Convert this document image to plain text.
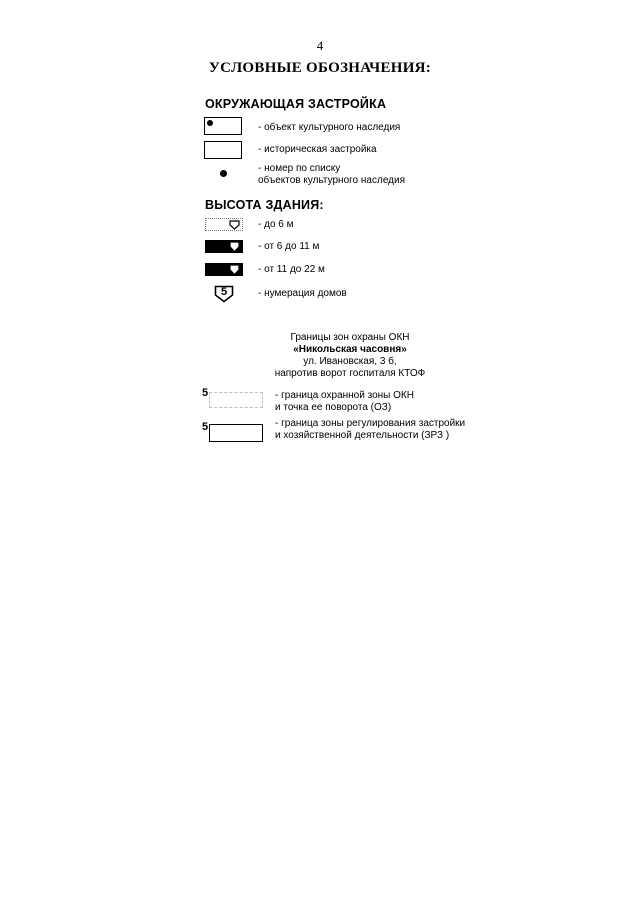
4
УСЛОВНЫЕ ОБОЗНАЧЕНИЯ:
ОКРУЖАЮЩАЯ ЗАСТРОЙКА
- объект культурного наследия
- историческая застройка
- номер по списку
объектов культурного наследия
ВЫСОТА ЗДАНИЯ:
- до 6 м
- от 6 до 11 м
- от 11 до 22 м
5	- нумерация домов
Границы зон охраны ОКН
«Никольская часовня»
ул. Ивановская, 3 б,
напротив ворот госпиталя КТОФ
5	- граница охранной зоны ОКН
и точка ее поворота (ОЗ)
5	- граница зоны регулирования застройки
и хозяйственной деятельности (ЗРЗ )
